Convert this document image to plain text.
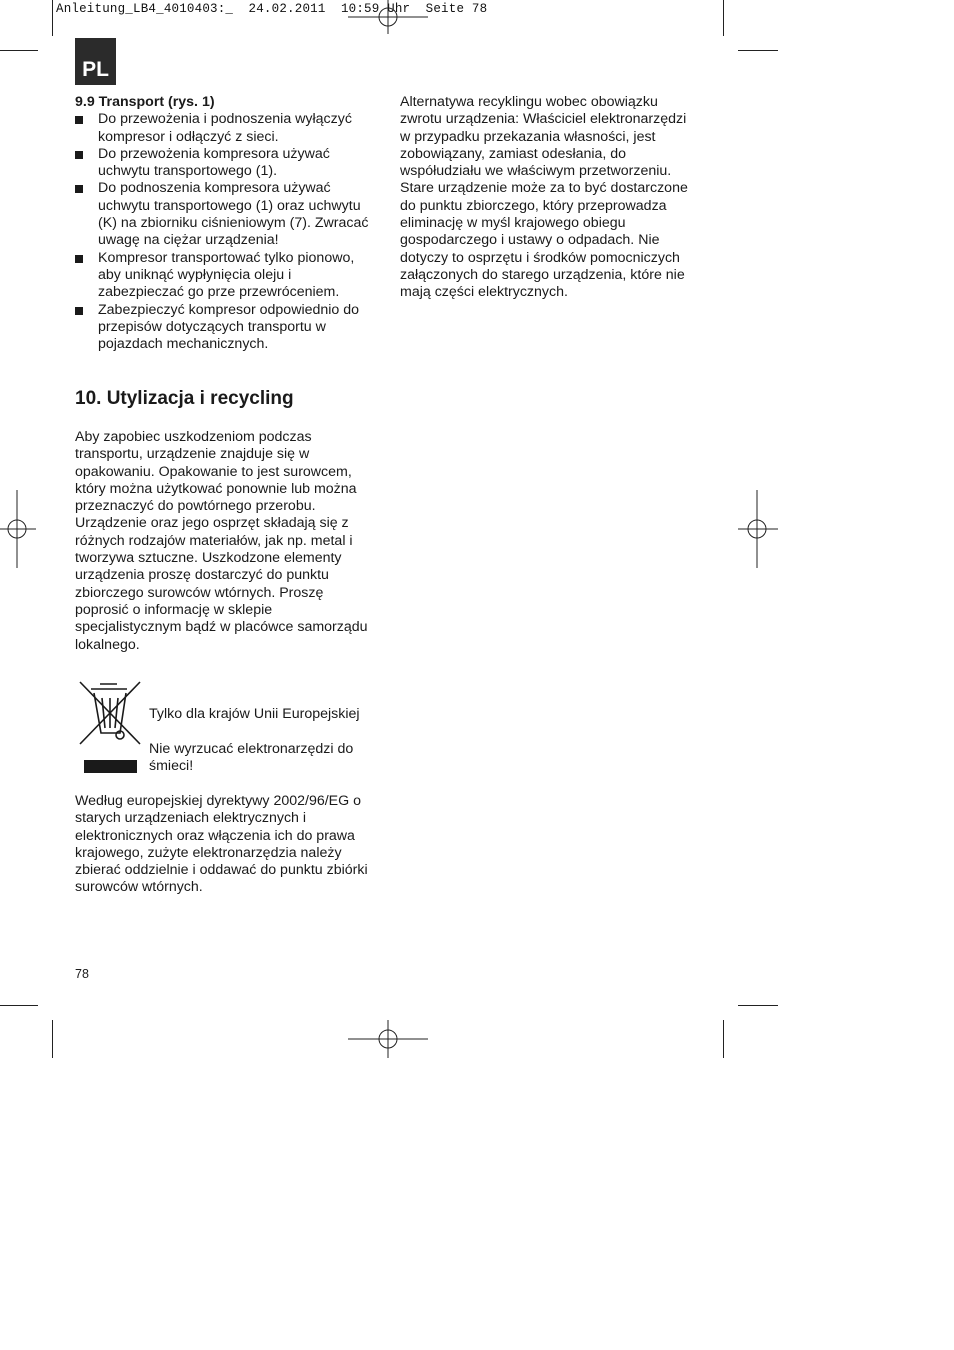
Anleitung_LB4_4010403:_  24.02.2011  10:59 Uhr  Seite 78
PL

9.9 Transport (rys. 1)

Do przewożenia i podnoszenia wyłączyć kompresor i odłączyć z sieci.
Do przewożenia kompresora używać uchwytu transportowego (1).
Do podnoszenia kompresora używać uchwytu transportowego (1) oraz uchwytu (K) na zbiorniku ciśnieniowym (7). Zwracać uwagę na ciężar urządzenia!
Kompresor transportować tylko pionowo, aby uniknąć wypłynięcia oleju i zabezpieczać go prze przewróceniem.
Zabezpieczyć kompresor odpowiednio do przepisów dotyczących transportu w pojazdach mechanicznych.
10. Utylizacja i recycling
Aby zapobiec uszkodzeniom podczas transportu, urządzenie znajduje się w opakowaniu. Opakowanie to jest surowcem, który można użytkować ponownie lub można przeznaczyć do powtórnego przerobu. Urządzenie oraz jego osprzęt składają się z różnych rodzajów materiałów, jak np. metal i tworzywa sztuczne. Uszkodzone elementy urządzenia proszę dostarczyć do punktu zbiorczego surowców wtórnych. Proszę poprosić o informację w sklepie specjalistycznym bądź w placówce samorządu lokalnego.
Tylko dla krajów Unii Europejskiej
Nie wyrzucać elektronarzędzi do śmieci!
Według europejskiej dyrektywy 2002/96/EG o starych urządzeniach elektrycznych i elektronicznych oraz włączenia ich do prawa krajowego, zużyte elektronarzędzia należy zbierać oddzielnie i oddawać do punktu zbiórki surowców wtórnych.
Alternatywa recyklingu wobec obowiązku zwrotu urządzenia: Właściciel elektronarzędzi w przypadku przekazania własności, jest zobowiązany, zamiast odesłania, do współudziału we właściwym przetworzeniu. Stare urządzenie może za to być dostarczone do punktu zbiorczego, który przeprowadza eliminację w myśl krajowego obiegu gospodarczego i ustawy o odpadach. Nie dotyczy to osprzętu i środków pomocniczych załączonych do starego urządzenia, które nie mają części elektrycznych.
78
